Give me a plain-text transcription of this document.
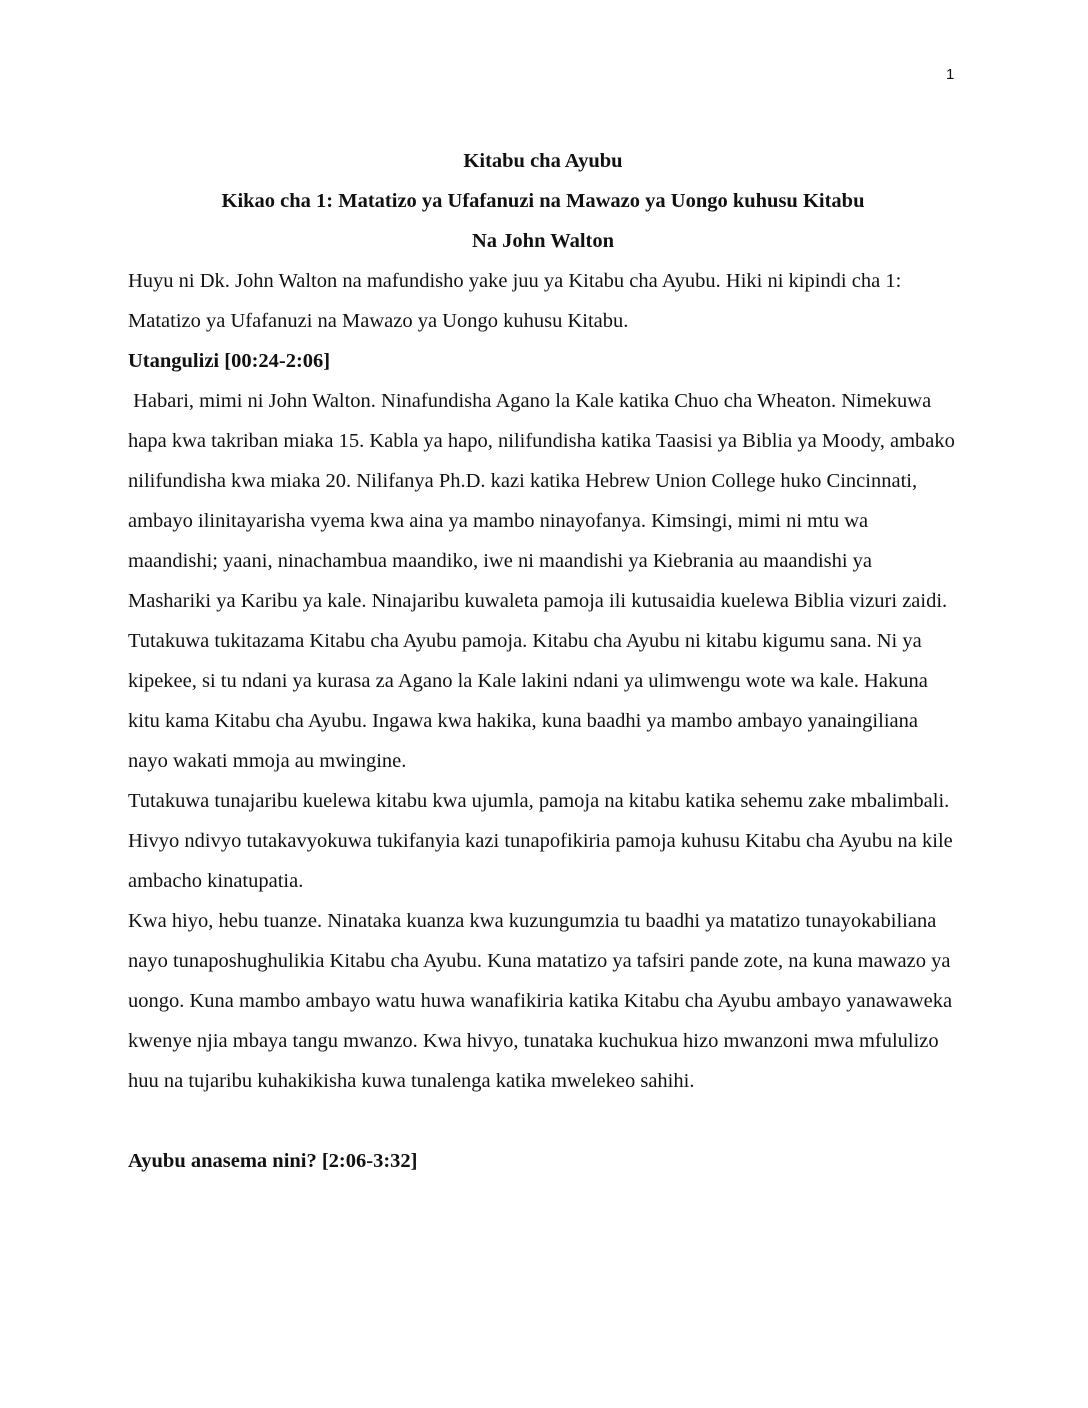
1

Kitabu cha Ayubu

Kikao cha 1: Matatizo ya Ufafanuzi na Mawazo ya Uongo kuhusu Kitabu

Na John Walton

Huyu ni Dk. John Walton na mafundisho yake juu ya Kitabu cha Ayubu. Hiki ni kipindi cha 1: Matatizo ya Ufafanuzi na Mawazo ya Uongo kuhusu Kitabu.

Utangulizi [00:24-2:06]

Habari, mimi ni John Walton. Ninafundisha Agano la Kale katika Chuo cha Wheaton. Nimekuwa hapa kwa takriban miaka 15. Kabla ya hapo, nilifundisha katika Taasisi ya Biblia ya Moody, ambako nilifundisha kwa miaka 20. Nilifanya Ph.D. kazi katika Hebrew Union College huko Cincinnati, ambayo ilinitayarisha vyema kwa aina ya mambo ninayofanya. Kimsingi, mimi ni mtu wa maandishi; yaani, ninachambua maandiko, iwe ni maandishi ya Kiebrania au maandishi ya Mashariki ya Karibu ya kale. Ninajaribu kuwaleta pamoja ili kutusaidia kuelewa Biblia vizuri zaidi.

Tutakuwa tukitazama Kitabu cha Ayubu pamoja. Kitabu cha Ayubu ni kitabu kigumu sana. Ni ya kipekee, si tu ndani ya kurasa za Agano la Kale lakini ndani ya ulimwengu wote wa kale. Hakuna kitu kama Kitabu cha Ayubu. Ingawa kwa hakika, kuna baadhi ya mambo ambayo yanaingiliana nayo wakati mmoja au mwingine.

Tutakuwa tunajaribu kuelewa kitabu kwa ujumla, pamoja na kitabu katika sehemu zake mbalimbali. Hivyo ndivyo tutakavyokuwa tukifanyia kazi tunapofikiria pamoja kuhusu Kitabu cha Ayubu na kile ambacho kinatupatia.

Kwa hiyo, hebu tuanze. Ninataka kuanza kwa kuzungumzia tu baadhi ya matatizo tunayokabiliana nayo tunaposhughulikia Kitabu cha Ayubu. Kuna matatizo ya tafsiri pande zote, na kuna mawazo ya uongo. Kuna mambo ambayo watu huwa wanafikiria katika Kitabu cha Ayubu ambayo yanawaweka kwenye njia mbaya tangu mwanzo. Kwa hivyo, tunataka kuchukua hizo mwanzoni mwa mfululizo huu na tujaribu kuhakikisha kuwa tunalenga katika mwelekeo sahihi.

Ayubu anasema nini? [2:06-3:32]
